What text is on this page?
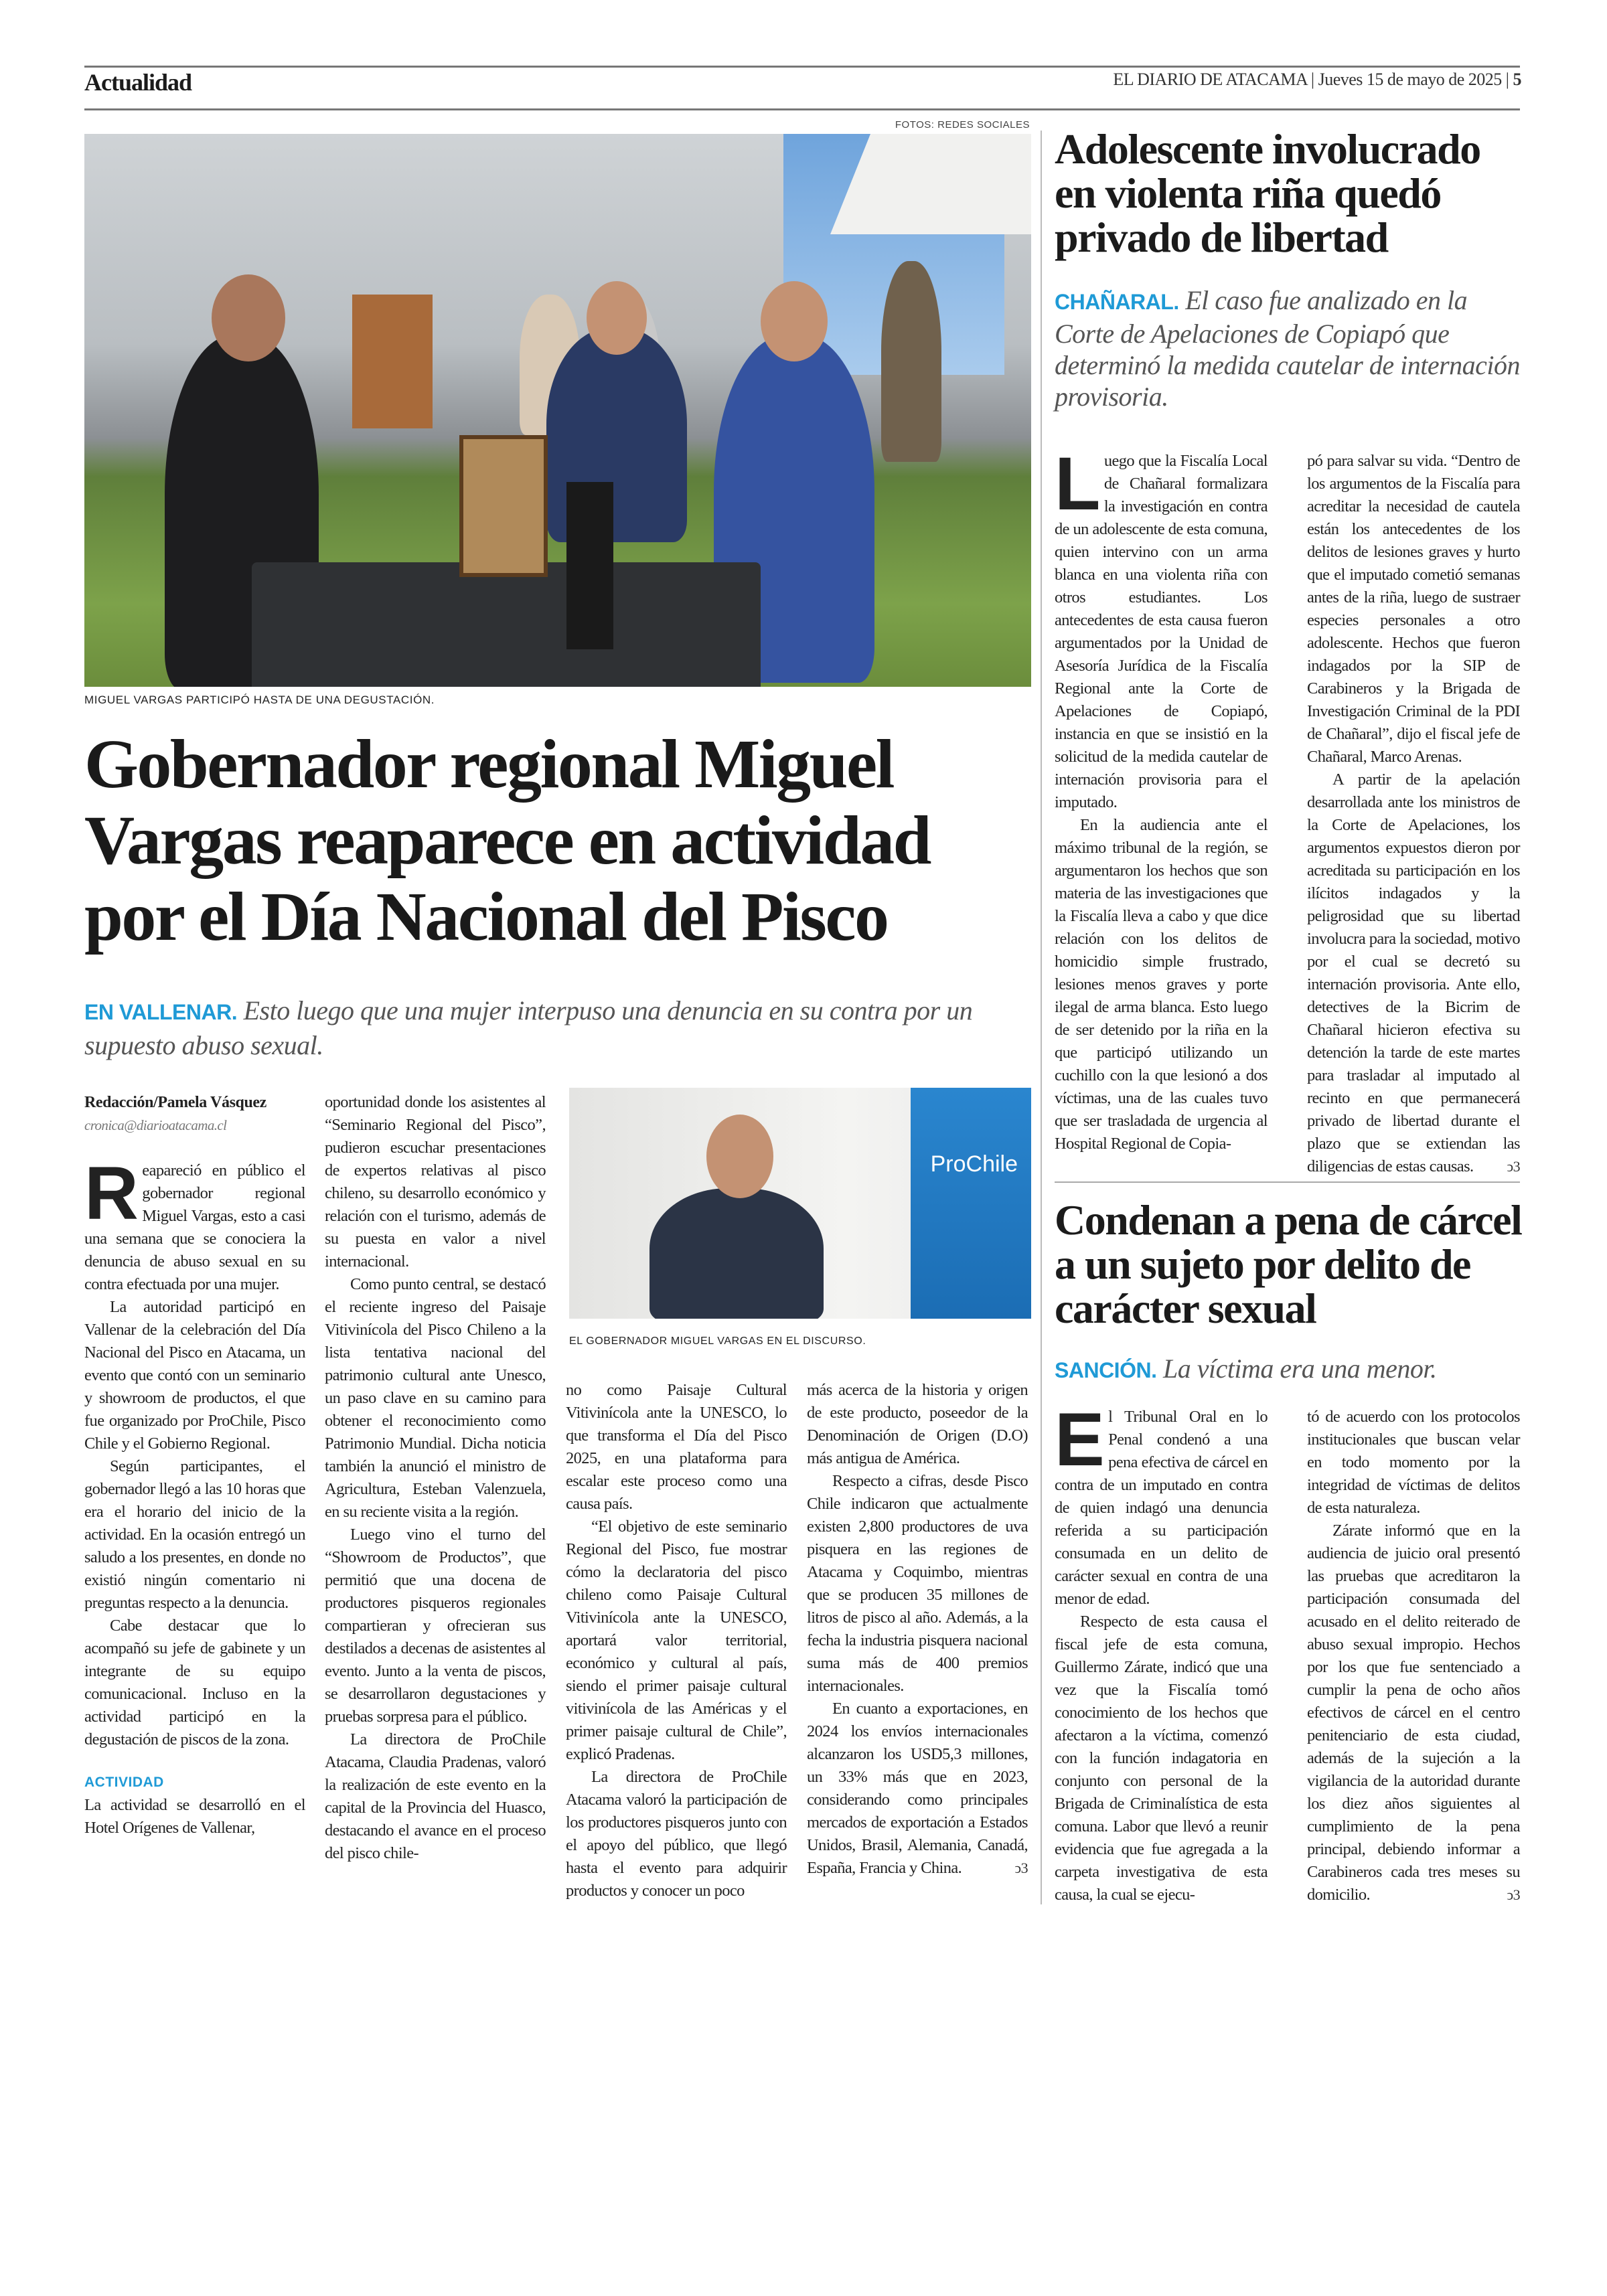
Actualidad	EL DIARIO DE ATACAMA | Jueves 15 de mayo de 2025 | 5
FOTOS: REDES SOCIALES
MIGUEL VARGAS PARTICIPÓ HASTA DE UNA DEGUSTACIÓN.
Gobernador regional Miguel Vargas reaparece en actividad por el Día Nacional del Pisco
EN VALLENAR. Esto luego que una mujer interpuso una denuncia en su contra por un supuesto abuso sexual.
Redacción/Pamela Vásquez
cronica@diarioatacama.cl

Reapareció en público el gobernador regional Miguel Vargas, esto a casi una semana que se conociera la denuncia de abuso sexual en su contra efectuada por una mujer.

La autoridad participó en Vallenar de la celebración del Día Nacional del Pisco en Atacama, un evento que contó con un seminario y showroom de productos, el que fue organizado por ProChile, Pisco Chile y el Gobierno Regional.

Según participantes, el gobernador llegó a las 10 horas que era el horario del inicio de la actividad. En la ocasión entregó un saludo a los presentes, en donde no existió ningún comentario ni preguntas respecto a la denuncia.

Cabe destacar que lo acompañó su jefe de gabinete y un integrante de su equipo comunicacional. Incluso en la actividad participó en la degustación de piscos de la zona.

ACTIVIDAD

La actividad se desarrolló en el Hotel Orígenes de Vallenar,

oportunidad donde los asistentes al “Seminario Regional del Pisco”, pudieron escuchar presentaciones de expertos relativas al pisco chileno, su desarrollo económico y relación con el turismo, además de su puesta en valor a nivel internacional.

Como punto central, se destacó el reciente ingreso del Paisaje Vitivinícola del Pisco Chileno a la lista tentativa nacional del patrimonio cultural ante Unesco, un paso clave en su camino para obtener el reconocimiento como Patrimonio Mundial. Dicha noticia también la anunció el ministro de Agricultura, Esteban Valenzuela, en su reciente visita a la región.

Luego vino el turno del “Showroom de Productos”, que permitió que una docena de productores pisqueros regionales compartieran y ofrecieran sus destilados a decenas de asistentes al evento. Junto a la venta de piscos, se desarrollaron degustaciones y pruebas sorpresa para el público.

La directora de ProChile Atacama, Claudia Pradenas, valoró la realización de este evento en la capital de la Provincia del Huasco, destacando el avance en el proceso del pisco chile-

ProChile
EL GOBERNADOR MIGUEL VARGAS EN EL DISCURSO.

no como Paisaje Cultural Vitivinícola ante la UNESCO, lo que transforma el Día del Pisco 2025, en una plataforma para escalar este proceso como una causa país.

“El objetivo de este seminario Regional del Pisco, fue mostrar cómo la declaratoria del pisco chileno como Paisaje Cultural Vitivinícola ante la UNESCO, aportará valor territorial, económico y cultural al país, siendo el primer paisaje cultural vitivinícola de las Américas y el primer paisaje cultural de Chile”, explicó Pradenas.

La directora de ProChile Atacama valoró la participación de los productores pisqueros junto con el apoyo del público, que llegó hasta el evento para adquirir productos y conocer un poco

más acerca de la historia y origen de este producto, poseedor de la Denominación de Origen (D.O) más antigua de América.

Respecto a cifras, desde Pisco Chile indicaron que actualmente existen 2,800 productores de uva pisquera en las regiones de Atacama y Coquimbo, mientras que se producen 35 millones de litros de pisco al año. Además, a la fecha la industria pisquera nacional suma más de 400 premios internacionales.

En cuanto a exportaciones, en 2024 los envíos internacionales alcanzaron los USD5,3 millones, un 33% más que en 2023, considerando como principales mercados de exportación a Estados Unidos, Brasil, Alemania, Canadá, España, Francia y China.	ↄ3

Adolescente involucrado en violenta riña quedó privado de libertad
CHAÑARAL. El caso fue analizado en la Corte de Apelaciones de Copiapó que determinó la medida cautelar de internación provisoria.

Luego que la Fiscalía Local de Chañaral formalizara la investigación en contra de un adolescente de esta comuna, quien intervino con un arma blanca en una violenta riña con otros estudiantes. Los antecedentes de esta causa fueron argumentados por la Unidad de Asesoría Jurídica de la Fiscalía Regional ante la Corte de Apelaciones de Copiapó, instancia en que se insistió en la solicitud de la medida cautelar de internación provisoria para el imputado.

En la audiencia ante el máximo tribunal de la región, se argumentaron los hechos que son materia de las investigaciones que la Fiscalía lleva a cabo y que dice relación con los delitos de homicidio simple frustrado, lesiones menos graves y porte ilegal de arma blanca. Esto luego de ser detenido por la riña en la que participó utilizando un cuchillo con la que lesionó a dos víctimas, una de las cuales tuvo que ser trasladada de urgencia al Hospital Regional de Copia-

pó para salvar su vida. “Dentro de los argumentos de la Fiscalía para acreditar la necesidad de cautela están los antecedentes de los delitos de lesiones graves y hurto que el imputado cometió semanas antes de la riña, luego de sustraer especies personales a otro adolescente. Hechos que fueron indagados por la SIP de Carabineros y la Brigada de Investigación Criminal de la PDI de Chañaral”, dijo el fiscal jefe de Chañaral, Marco Arenas.

A partir de la apelación desarrollada ante los ministros de la Corte de Apelaciones, los argumentos expuestos dieron por acreditada su participación en los ilícitos indagados y la peligrosidad que su libertad involucra para la sociedad, motivo por el cual se decretó su internación provisoria. Ante ello, detectives de la Bicrim de Chañaral hicieron efectiva su detención la tarde de este martes para trasladar al imputado al recinto en que permanecerá privado de libertad durante el plazo que se extiendan las diligencias de estas causas.	ↄ3

Condenan a pena de cárcel a un sujeto por delito de carácter sexual
SANCIÓN. La víctima era una menor.

El Tribunal Oral en lo Penal condenó a una pena efectiva de cárcel en contra de un imputado en contra de quien indagó una denuncia referida a su participación consumada en un delito de carácter sexual en contra de una menor de edad.

Respecto de esta causa el fiscal jefe de esta comuna, Guillermo Zárate, indicó que una vez que la Fiscalía tomó conocimiento de los hechos que afectaron a la víctima, comenzó con la función indagatoria en conjunto con personal de la Brigada de Criminalística de esta comuna. Labor que llevó a reunir evidencia que fue agregada a la carpeta investigativa de esta causa, la cual se ejecu-

tó de acuerdo con los protocolos institucionales que buscan velar en todo momento por la integridad de víctimas de delitos de esta naturaleza.

Zárate informó que en la audiencia de juicio oral presentó las pruebas que acreditaron la participación consumada del acusado en el delito reiterado de abuso sexual impropio. Hechos por los que fue sentenciado a cumplir la pena de ocho años efectivos de cárcel en el centro penitenciario de esta ciudad, además de la sujeción a la vigilancia de la autoridad durante los diez años siguientes al cumplimiento de la pena principal, debiendo informar a Carabineros cada tres meses su domicilio.	ↄ3
